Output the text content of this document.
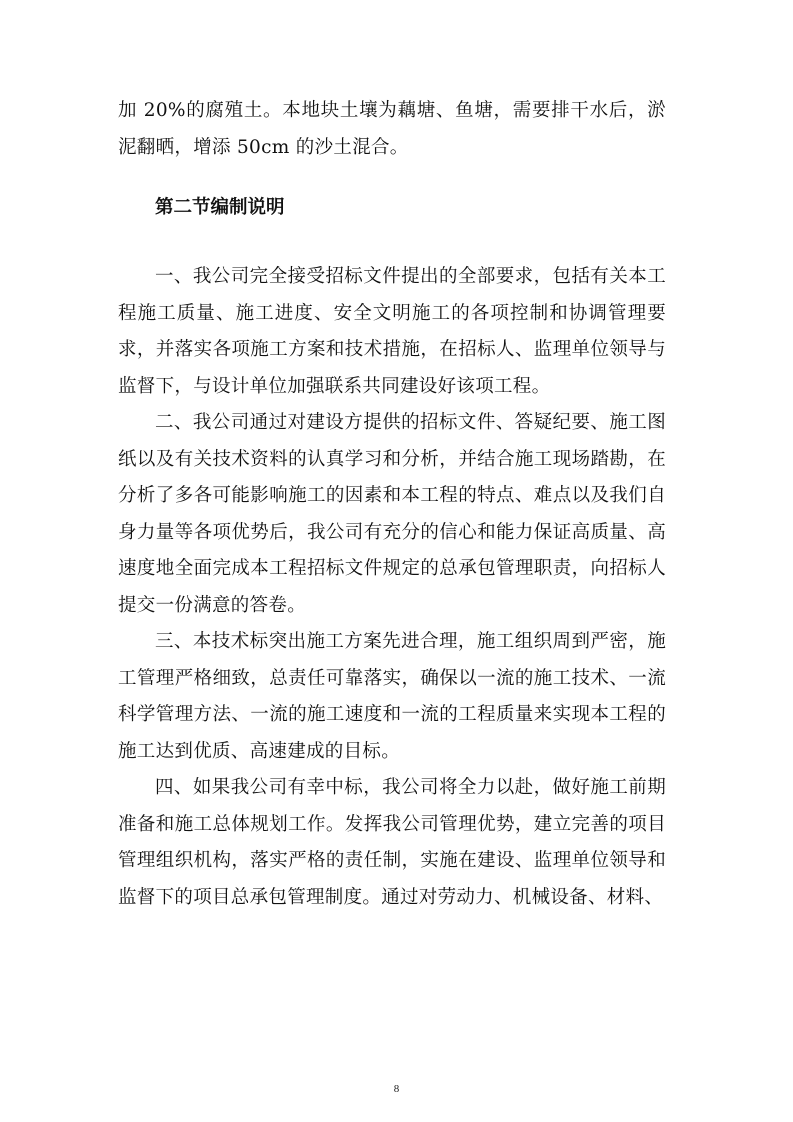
加 20%的腐殖土。本地块土壤为藕塘、鱼塘，需要排干水后，淤泥翻晒，增添 50cm 的沙土混合。

第二节编制说明

一、我公司完全接受招标文件提出的全部要求，包括有关本工程施工质量、施工进度、安全文明施工的各项控制和协调管理要求，并落实各项施工方案和技术措施，在招标人、监理单位领导与监督下，与设计单位加强联系共同建设好该项工程。

二、我公司通过对建设方提供的招标文件、答疑纪要、施工图纸以及有关技术资料的认真学习和分析，并结合施工现场踏勘，在分析了多各可能影响施工的因素和本工程的特点、难点以及我们自身力量等各项优势后，我公司有充分的信心和能力保证高质量、高速度地全面完成本工程招标文件规定的总承包管理职责，向招标人提交一份满意的答卷。

三、本技术标突出施工方案先进合理，施工组织周到严密，施工管理严格细致，总责任可靠落实，确保以一流的施工技术、一流科学管理方法、一流的施工速度和一流的工程质量来实现本工程的施工达到优质、高速建成的目标。

四、如果我公司有幸中标，我公司将全力以赴，做好施工前期准备和施工总体规划工作。发挥我公司管理优势，建立完善的项目管理组织机构，落实严格的责任制，实施在建设、监理单位领导和监督下的项目总承包管理制度。通过对劳动力、机械设备、材料、

8
